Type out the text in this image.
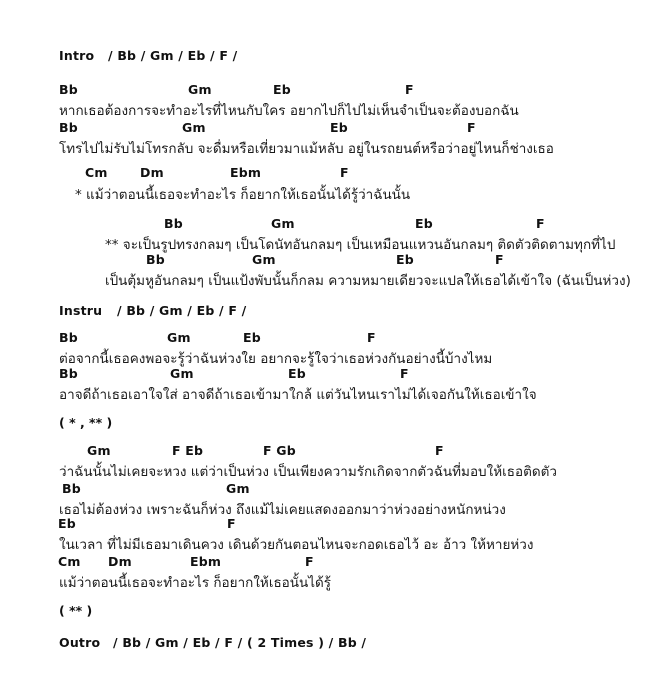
Intro / Bb / Gm / Eb / F /
Bb	Gm	Eb	F
หากเธอต้องการจะทำอะไรที่ไหนกับใคร อยากไปก็ไปไม่เห็นจำเป็นจะต้องบอกฉัน
Bb	Gm	Eb	F
โทรไปไม่รับไม่โทรกลับ จะดื่มหรือเที่ยวมาแม้หลับ อยู่ในรถยนต์หรือว่าอยู่ไหนก็ช่างเธอ
Cm	Dm	Ebm	F
* แม้ว่าตอนนี้เธอจะทำอะไร ก็อยากให้เธอนั้นได้รู้ว่าฉันนั้น
Bb	Gm	Eb	F
** จะเป็นรูปทรงกลมๆ เป็นโดนัทอันกลมๆ เป็นเหมือนแหวนอันกลมๆ ติดตัวติดตามทุกที่ไป
Bb	Gm	Eb	F
เป็นตุ้มหูอันกลมๆ เป็นแป้งพับนั้นก็กลม ความหมายเดียวจะแปลให้เธอได้เข้าใจ (ฉันเป็นห่วง)
Instru / Bb / Gm / Eb / F /
Bb	Gm	Eb	F
ต่อจากนี้เธอคงพอจะรู้ว่าฉันห่วงใย อยากจะรู้ใจว่าเธอห่วงกันอย่างนี้บ้างไหม
Bb	Gm	Eb	F
อาจดีถ้าเธอเอาใจใส่ อาจดีถ้าเธอเข้ามาใกล้ แต่วันไหนเราไม่ได้เจอกันให้เธอเข้าใจ
( * , ** )
Gm	F Eb	F Gb	F
ว่าฉันนั้นไม่เคยจะหวง แต่ว่าเป็นห่วง เป็นเพียงความรักเกิดจากตัวฉันที่มอบให้เธอติดตัว
Bb	Gm
เธอไม่ต้องห่วง เพราะฉันก็ห่วง ถึงแม้ไม่เคยแสดงออกมาว่าห่วงอย่างหนักหน่วง
Eb	F
ในเวลา ที่ไม่มีเธอมาเดินควง เดินด้วยกันตอนไหนจะกอดเธอไว้ อะ อ้าว ให้หายห่วง
Cm Dm	Ebm	F
แม้ว่าตอนนี้เธอจะทำอะไร ก็อยากให้เธอนั้นได้รู้
( ** )
Outro / Bb / Gm / Eb / F / ( 2 Times ) / Bb /
